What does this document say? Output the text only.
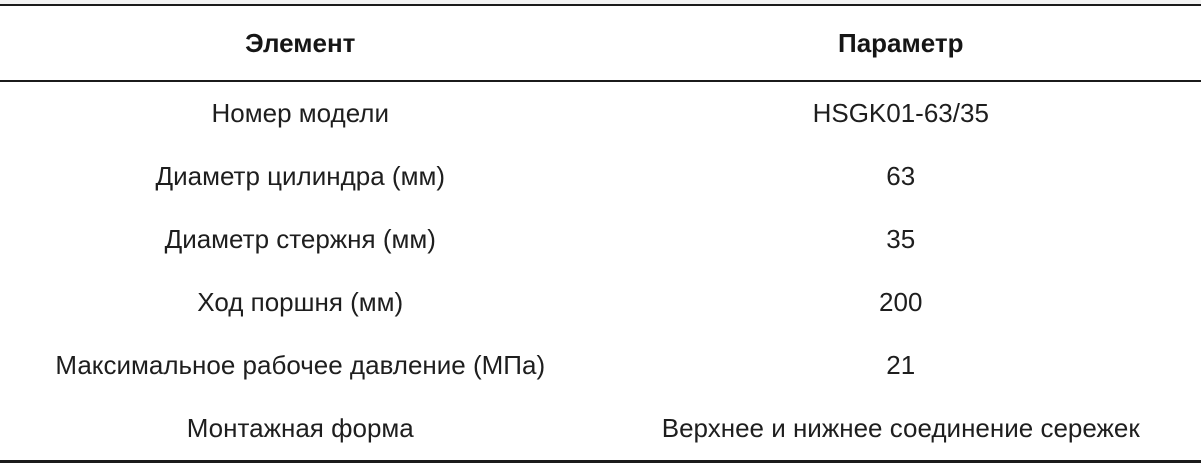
Элемент	Параметр
Номер модели	HSGK01-63/35
Диаметр цилиндра (мм)	63
Диаметр стержня (мм)	35
Ход поршня (мм)	200
Максимальное рабочее давление (МПа)	21
Монтажная форма	Верхнее и нижнее соединение сережек
